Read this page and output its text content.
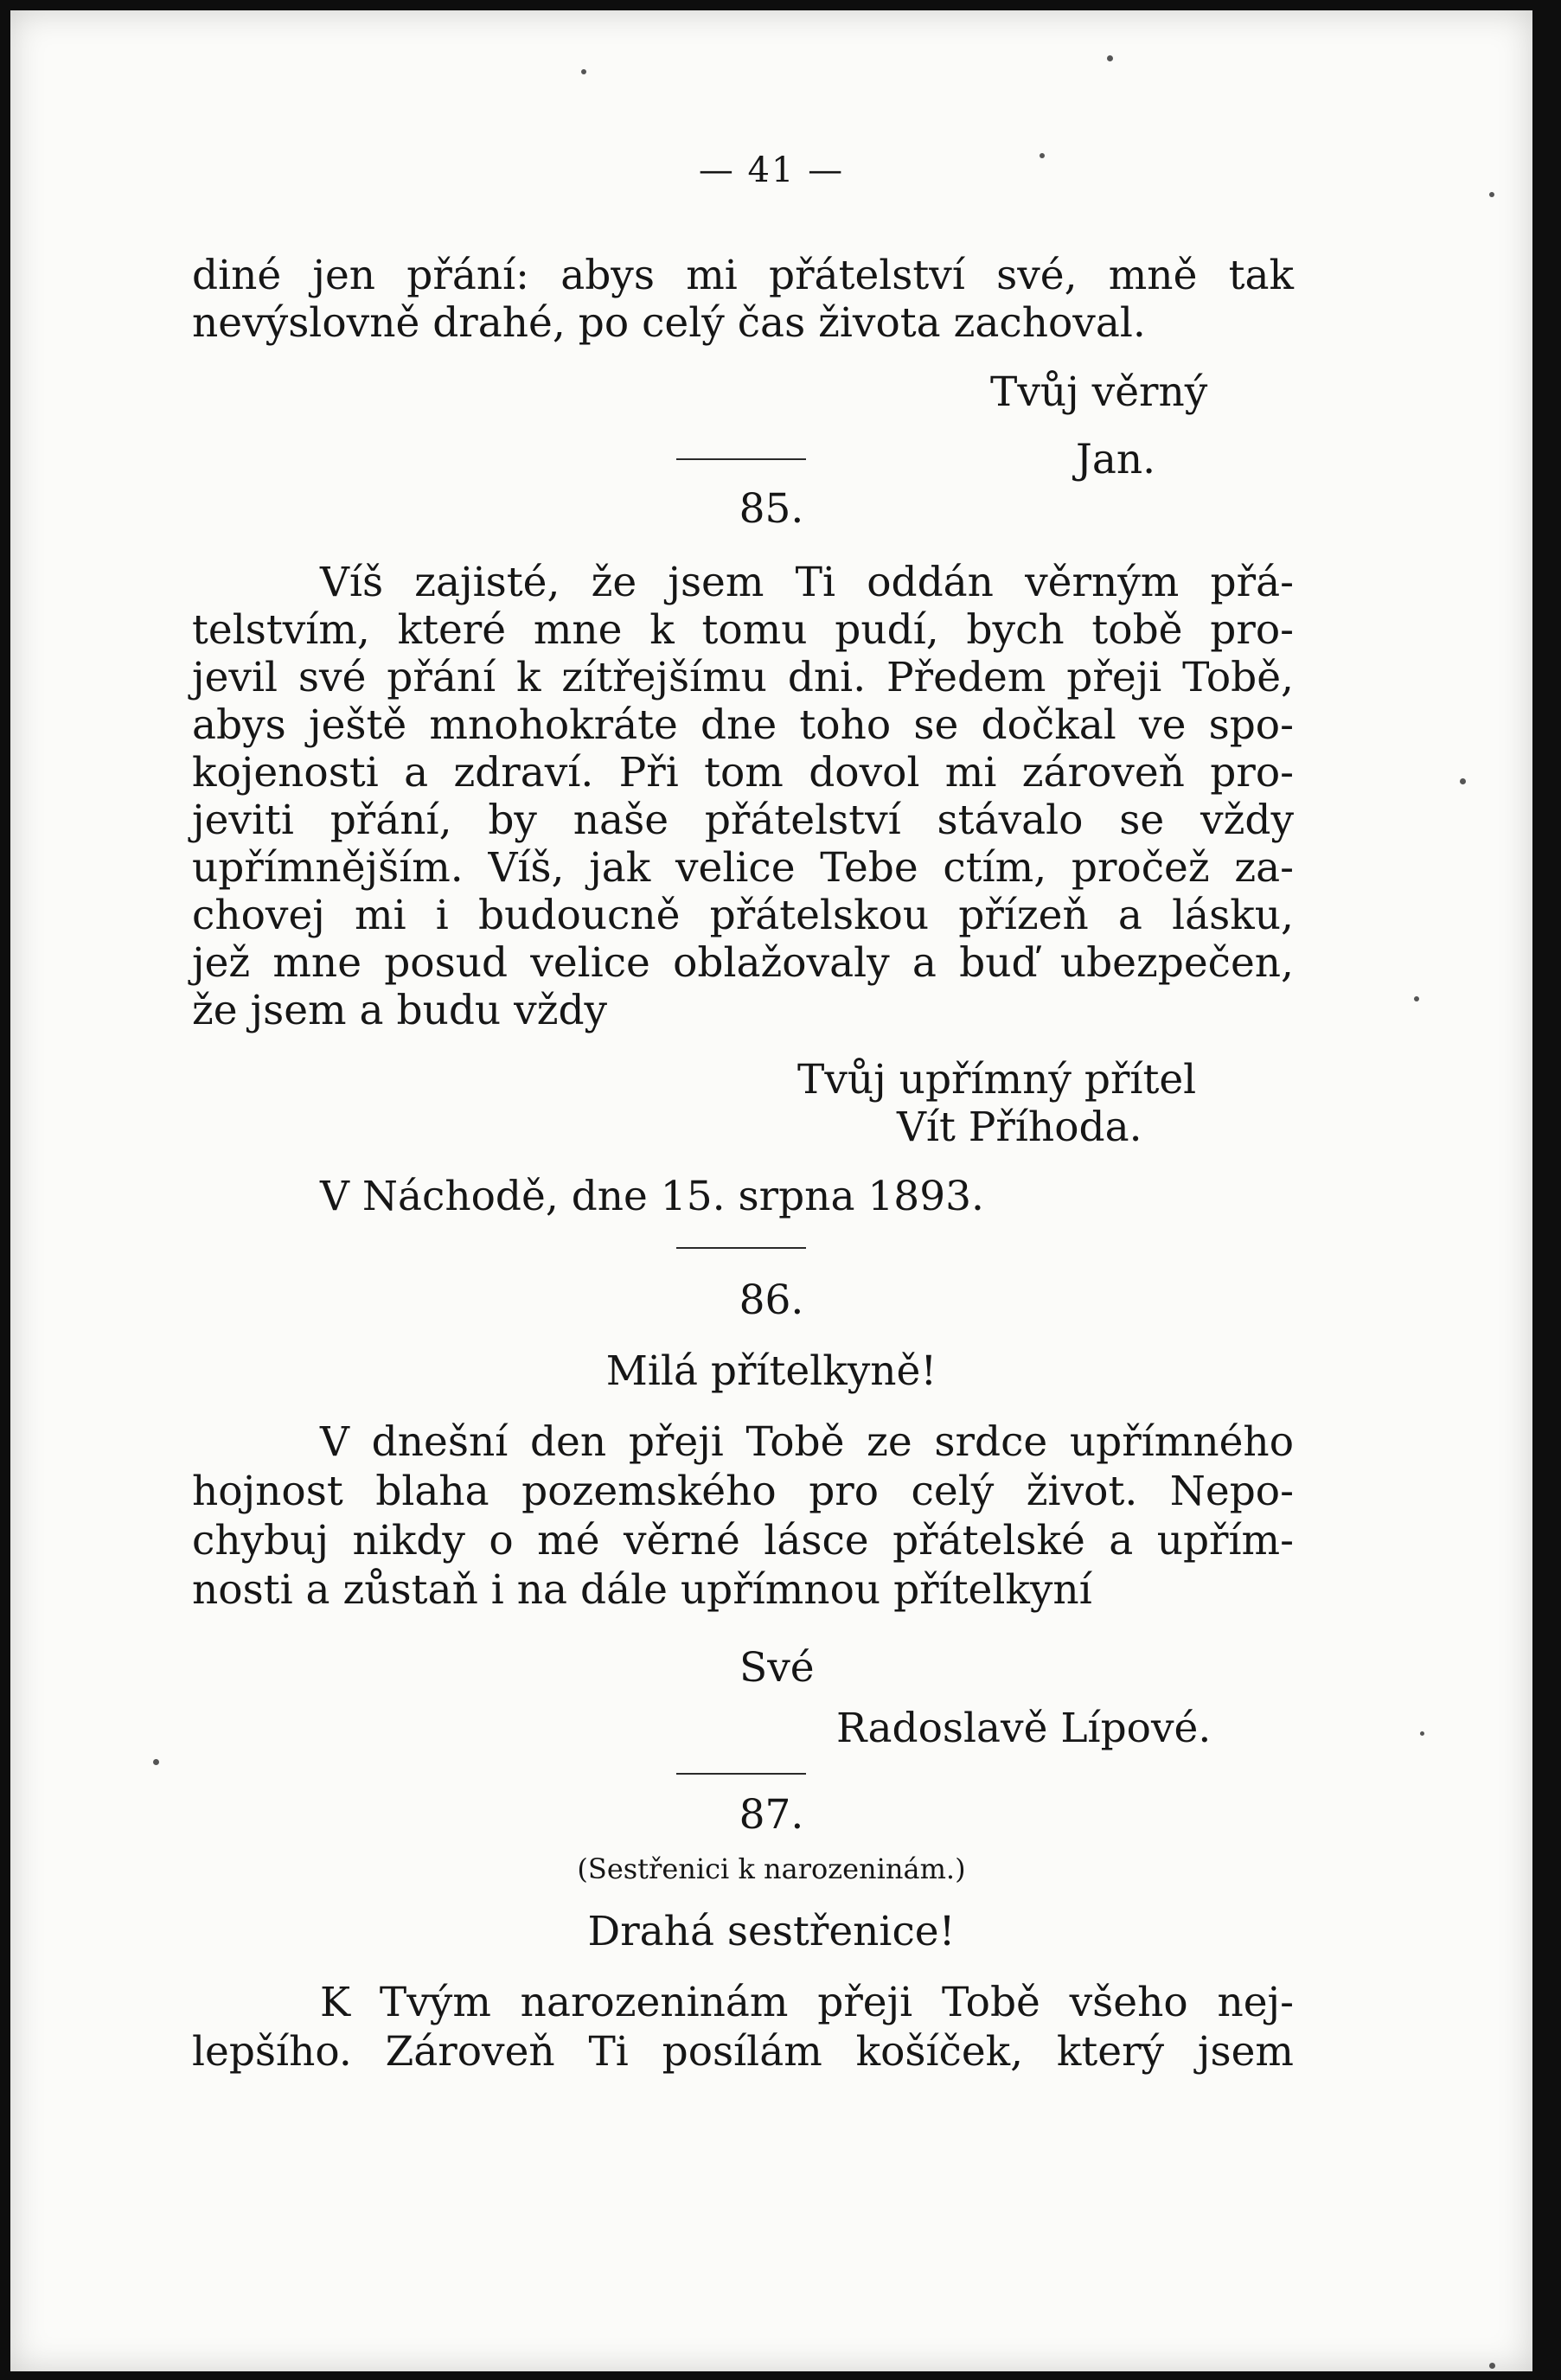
— 41 —
diné jen přání: abys mi přátelství své, mně tak
nevýslovně drahé, po celý čas života zachoval.
Tvůj věrný
Jan.
85.
Víš zajisté, že jsem Ti oddán věrným přá-
telstvím, které mne k tomu pudí, bych tobě pro-
jevil své přání k zítřejšímu dni. Předem přeji Tobě,
abys ještě mnohokráte dne toho se dočkal ve spo-
kojenosti a zdraví. Při tom dovol mi zároveň pro-
jeviti přání, by naše přátelství stávalo se vždy
upřímnějším. Víš, jak velice Tebe ctím, pročež za-
chovej mi i budoucně přátelskou přízeň a lásku,
jež mne posud velice oblažovaly a buď ubezpečen,
že jsem a budu vždy
Tvůj upřímný přítel
Vít Příhoda.
V Náchodě, dne 15. srpna 1893.
86.
Milá přítelkyně!
V dnešní den přeji Tobě ze srdce upřímného
hojnost blaha pozemského pro celý život. Nepo-
chybuj nikdy o mé věrné lásce přátelské a upřím-
nosti a zůstaň i na dále upřímnou přítelkyní
Své
Radoslavě Lípové.
87.
(Sestřenici k narozeninám.)
Drahá sestřenice!
K Tvým narozeninám přeji Tobě všeho nej-
lepšího. Zároveň Ti posílám košíček, který jsem
